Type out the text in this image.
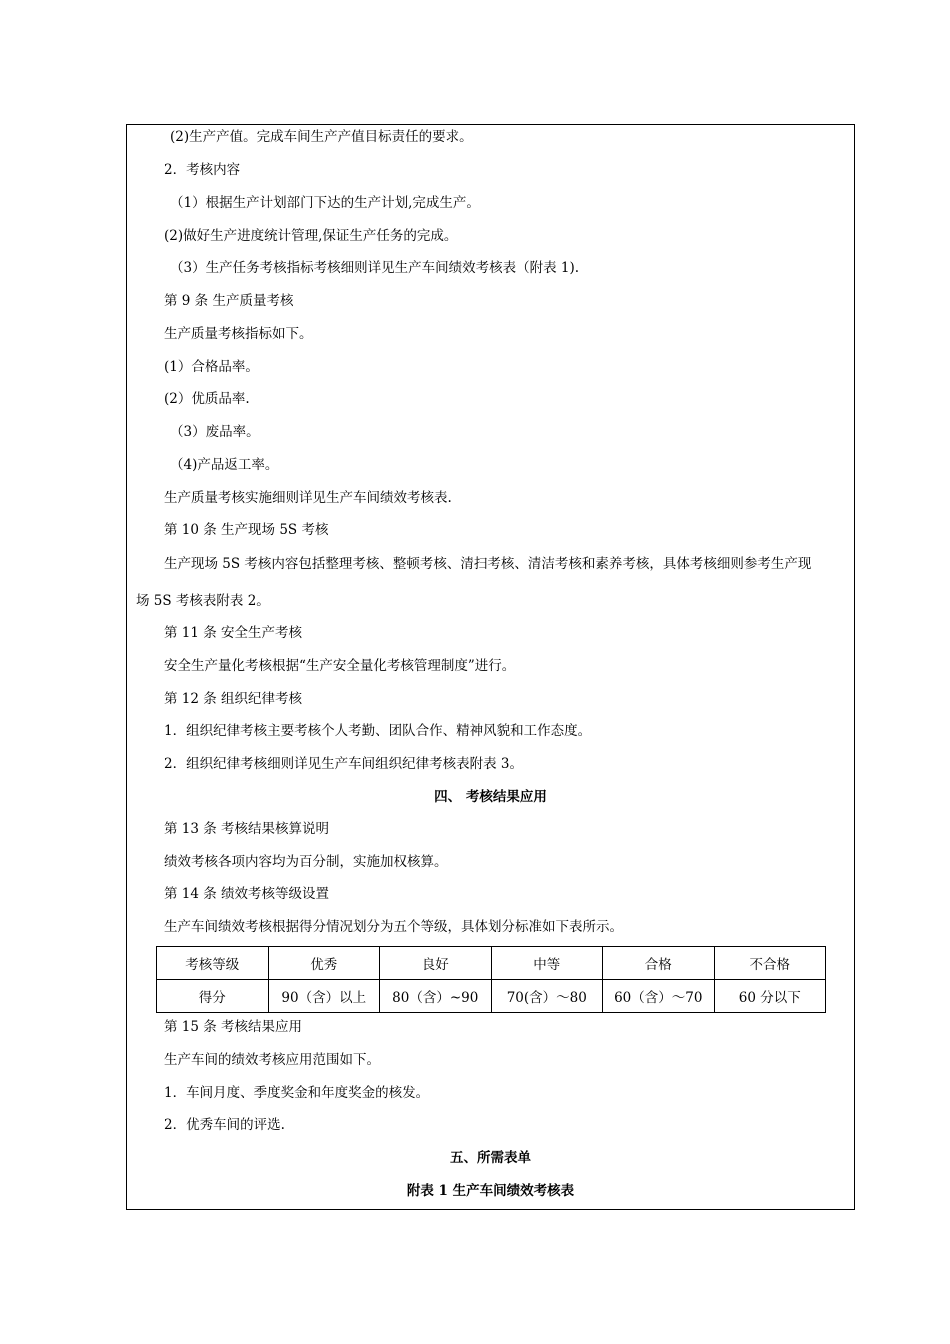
(2)生产产值。完成车间生产产值目标责任的要求。
2．考核内容
（1）根据生产计划部门下达的生产计划,完成生产。
(2)做好生产进度统计管理,保证生产任务的完成。
（3）生产任务考核指标考核细则详见生产车间绩效考核表（附表 1).
第 9 条 生产质量考核
生产质量考核指标如下。
(1）合格品率。
(2）优质品率.
（3）废品率。
（4)产品返工率。
生产质量考核实施细则详见生产车间绩效考核表.
第 10 条 生产现场 5S 考核
生产现场 5S 考核内容包括整理考核、整顿考核、清扫考核、清洁考核和素养考核，具体考核细则参考生产现
场 5S 考核表附表 2。
第 11 条 安全生产考核
安全生产量化考核根据“生产安全量化考核管理制度”进行。
第 12 条 组织纪律考核
1．组织纪律考核主要考核个人考勤、团队合作、精神风貌和工作态度。
2．组织纪律考核细则详见生产车间组织纪律考核表附表 3。
四、 考核结果应用
第 13 条 考核结果核算说明
绩效考核各项内容均为百分制，实施加权核算。
第 14 条 绩效考核等级设置
生产车间绩效考核根据得分情况划分为五个等级，具体划分标准如下表所示。
考核等级	优秀	良好	中等	合格	不合格
得分	90（含）以上	80（含）~90	70(含）～80	60（含）～70	60 分以下
第 15 条 考核结果应用
生产车间的绩效考核应用范围如下。
1．车间月度、季度奖金和年度奖金的核发。
2．优秀车间的评选.
五、所需表单
附表 1 生产车间绩效考核表
